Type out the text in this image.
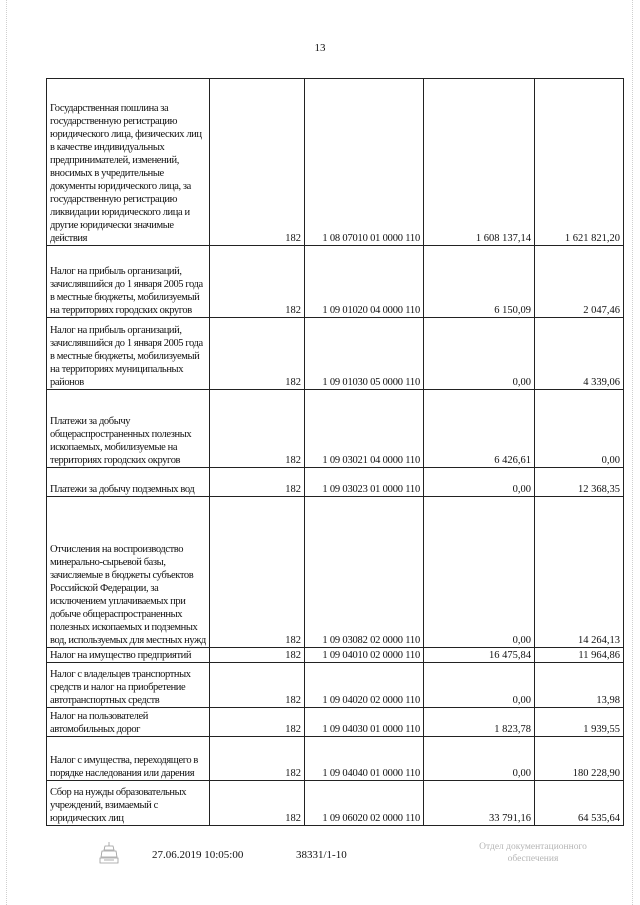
13
Государственная пошлина за государственную регистрацию юридического лица, физических лиц в качестве индивидуальных предпринимателей, изменений, вносимых в учредительные документы юридического лица, за государственную регистрацию ликвидации юридического лица и другие юридически значимые действия	182	1 08 07010 01 0000 110	1 608 137,14	1 621 821,20
Налог на прибыль организаций, зачислявшийся до 1 января 2005 года в местные бюджеты, мобилизуемый на территориях городских округов	182	1 09 01020 04 0000 110	6 150,09	2 047,46
Налог на прибыль организаций, зачислявшийся до 1 января 2005 года в местные бюджеты, мобилизуемый на территориях муниципальных районов	182	1 09 01030 05 0000 110	0,00	4 339,06
Платежи за добычу общераспространенных полезных ископаемых, мобилизуемые на территориях городских округов	182	1 09 03021 04 0000 110	6 426,61	0,00
Платежи за добычу подземных вод	182	1 09 03023 01 0000 110	0,00	12 368,35
Отчисления на воспроизводство минерально-сырьевой базы, зачисляемые в бюджеты субъектов Российской Федерации, за исключением уплачиваемых при добыче общераспространенных полезных ископаемых и подземных вод, используемых для местных нужд	182	1 09 03082 02 0000 110	0,00	14 264,13
Налог на имущество предприятий	182	1 09 04010 02 0000 110	16 475,84	11 964,86
Налог с владельцев транспортных средств и налог на приобретение автотранспортных средств	182	1 09 04020 02 0000 110	0,00	13,98
Налог на пользователей автомобильных дорог	182	1 09 04030 01 0000 110	1 823,78	1 939,55
Налог с имущества, переходящего в порядке наследования или дарения	182	1 09 04040 01 0000 110	0,00	180 228,90
Сбор на нужды образовательных учреждений, взимаемый с юридических лиц	182	1 09 06020 02 0000 110	33 791,16	64 535,64
27.06.2019 10:05:00	38331/1-10
Отдел документационного
обеспечения
